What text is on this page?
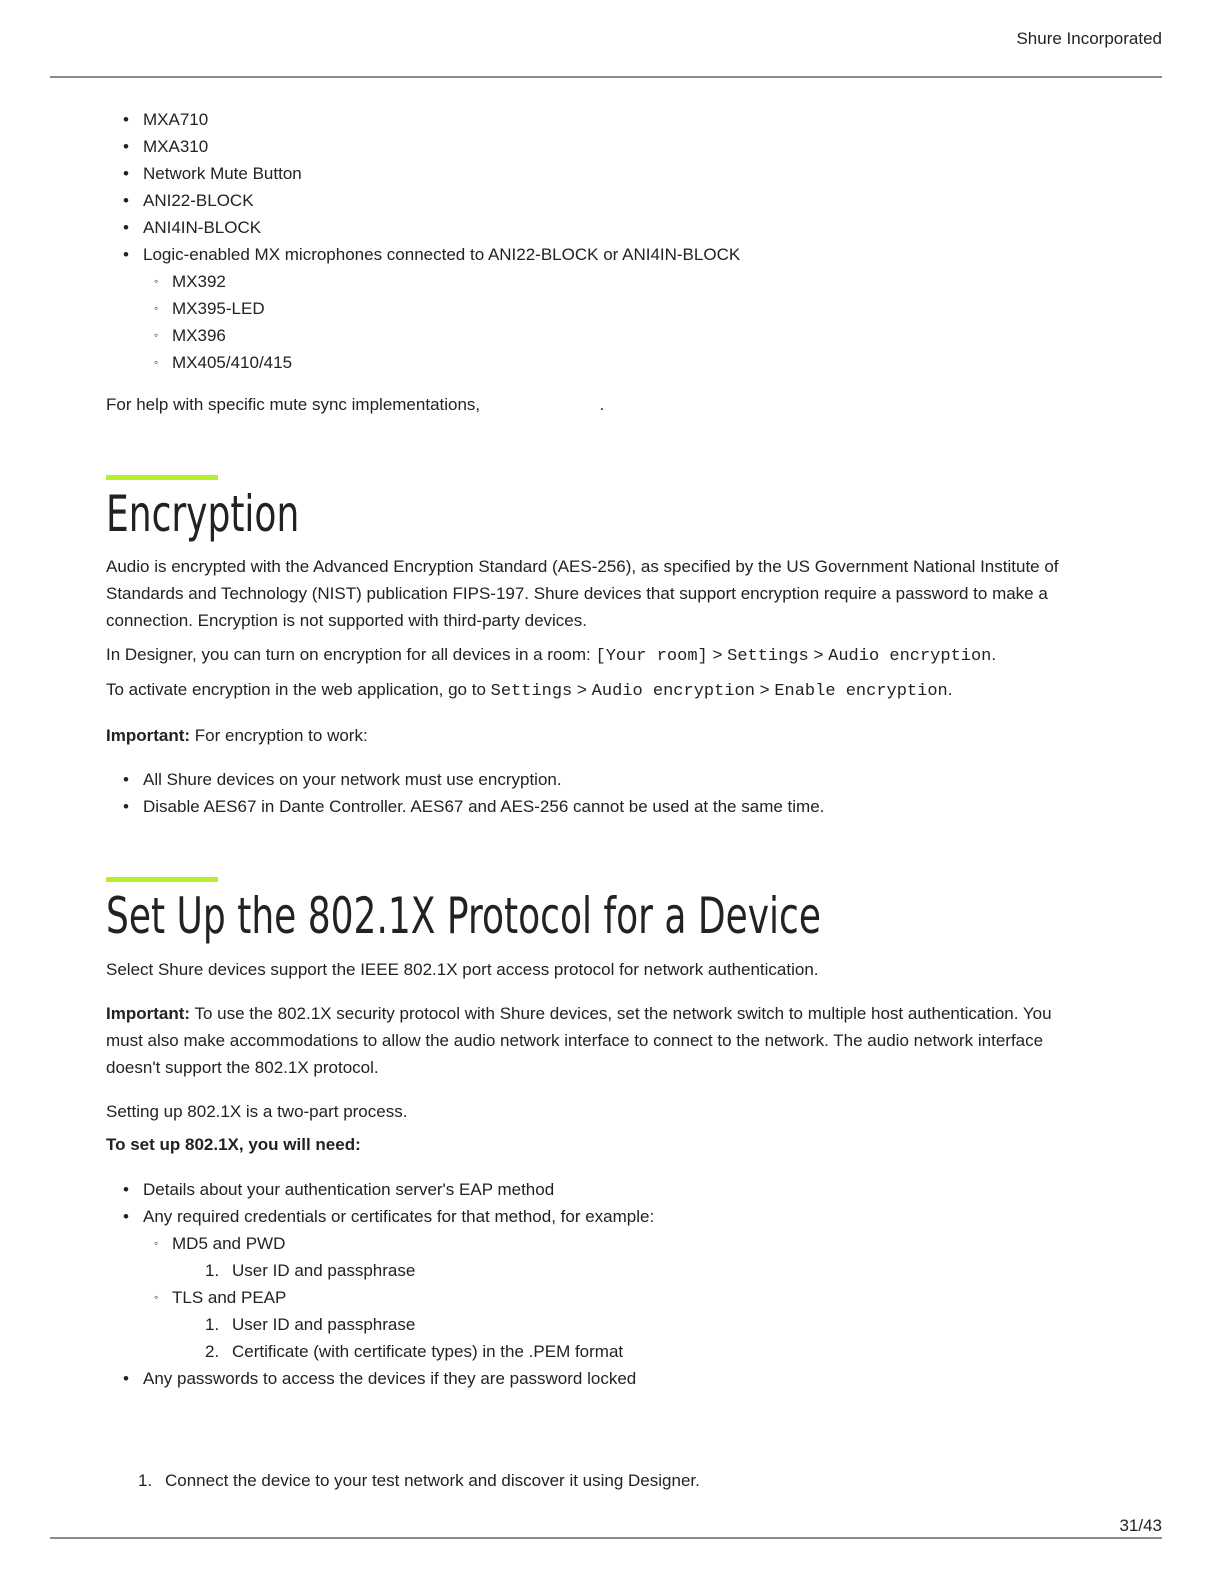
Shure Incorporated
• MXA710
• MXA310
• Network Mute Button
• ANI22-BLOCK
• ANI4IN-BLOCK
• Logic-enabled MX microphones connected to ANI22-BLOCK or ANI4IN-BLOCK
◦ MX392
◦ MX395-LED
◦ MX396
◦ MX405/410/415
For help with specific mute sync implementations,	.
Encryption
Audio is encrypted with the Advanced Encryption Standard (AES-256), as specified by the US Government National Institute of
Standards and Technology (NIST) publication FIPS-197. Shure devices that support encryption require a password to make a
connection. Encryption is not supported with third-party devices.
In Designer, you can turn on encryption for all devices in a room: [Your room] > Settings > Audio encryption.
To activate encryption in the web application, go to Settings > Audio encryption > Enable encryption.
Important: For encryption to work:
• All Shure devices on your network must use encryption.
• Disable AES67 in Dante Controller. AES67 and AES-256 cannot be used at the same time.
Set Up the 802.1X Protocol for a Device
Select Shure devices support the IEEE 802.1X port access protocol for network authentication.
Important: To use the 802.1X security protocol with Shure devices, set the network switch to multiple host authentication. You
must also make accommodations to allow the audio network interface to connect to the network. The audio network interface
doesn't support the 802.1X protocol.
Setting up 802.1X is a two-part process.
To set up 802.1X, you will need:
• Details about your authentication server's EAP method
• Any required credentials or certificates for that method, for example:
◦ MD5 and PWD
1. User ID and passphrase
◦ TLS and PEAP
1. User ID and passphrase
2. Certificate (with certificate types) in the .PEM format
• Any passwords to access the devices if they are password locked
1. Connect the device to your test network and discover it using Designer.
31/43
